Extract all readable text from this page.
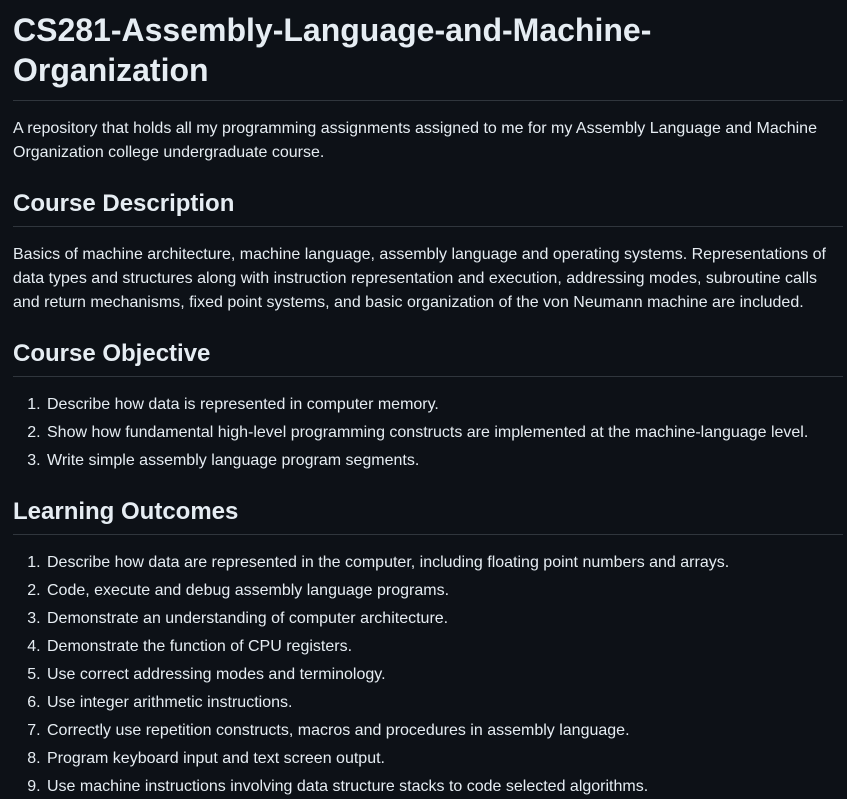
CS281-Assembly-Language-and-Machine-Organization

A repository that holds all my programming assignments assigned to me for my Assembly Language and Machine Organization college undergraduate course.

Course Description

Basics of machine architecture, machine language, assembly language and operating systems. Representations of data types and structures along with instruction representation and execution, addressing modes, subroutine calls and return mechanisms, fixed point systems, and basic organization of the von Neumann machine are included.

Course Objective
1. Describe how data is represented in computer memory.
2. Show how fundamental high-level programming constructs are implemented at the machine-language level.
3. Write simple assembly language program segments.
Learning Outcomes
1. Describe how data are represented in the computer, including floating point numbers and arrays.
2. Code, execute and debug assembly language programs.
3. Demonstrate an understanding of computer architecture.
4. Demonstrate the function of CPU registers.
5. Use correct addressing modes and terminology.
6. Use integer arithmetic instructions.
7. Correctly use repetition constructs, macros and procedures in assembly language.
8. Program keyboard input and text screen output.
9. Use machine instructions involving data structure stacks to code selected algorithms.
